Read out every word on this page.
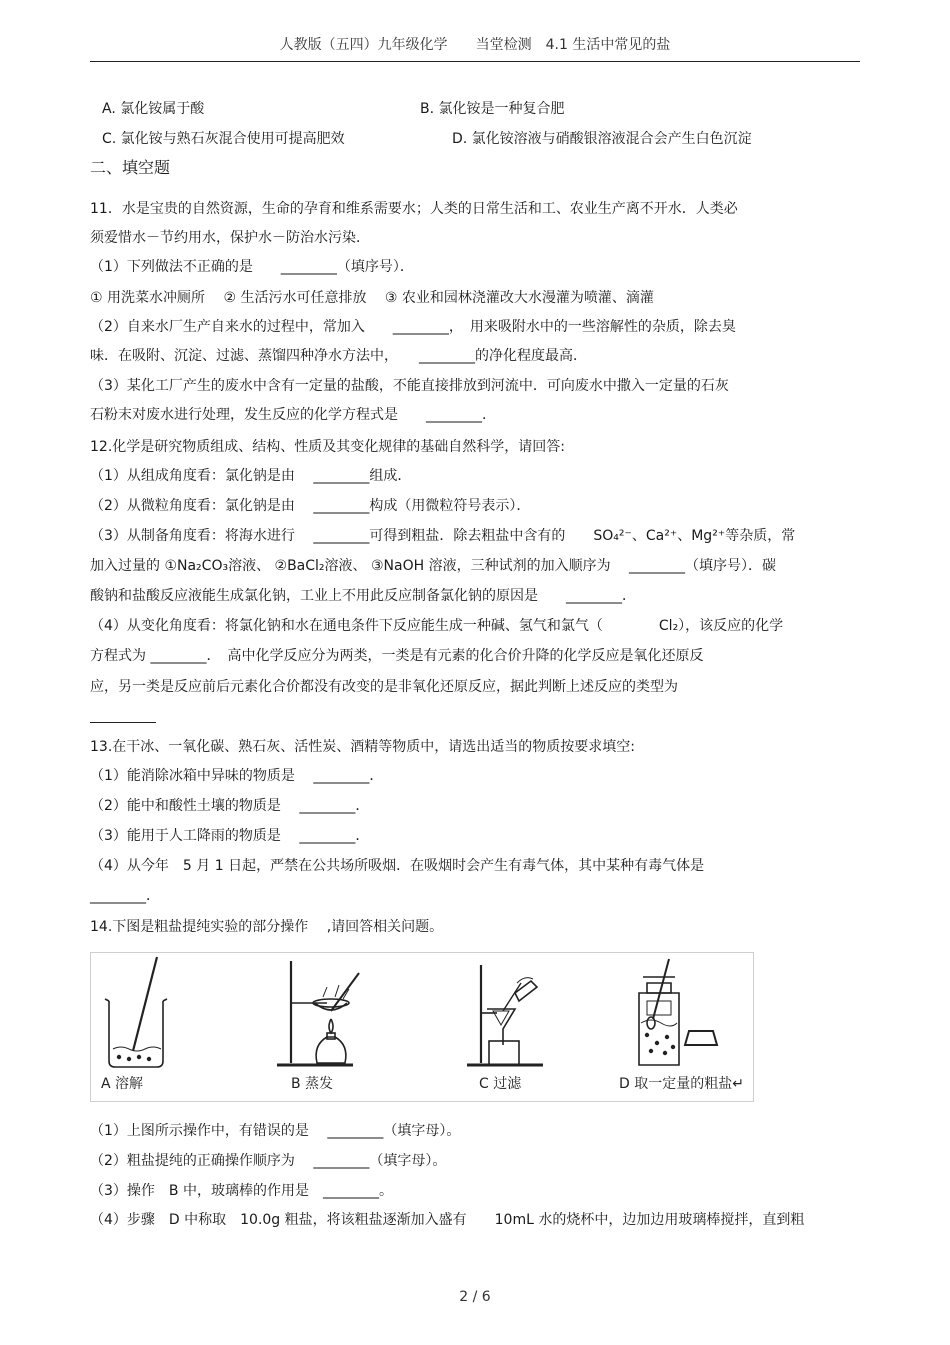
人教版（五四）九年级化学　　当堂检测　4.1 生活中常见的盐
A. 氯化铵属于酸	B. 氯化铵是一种复合肥
C. 氯化铵与熟石灰混合使用可提高肥效	D. 氯化铵溶液与硝酸银溶液混合会产生白色沉淀
二、填空题
11．水是宝贵的自然资源，生命的孕育和维系需要水；人类的日常生活和工、农业生产离不开水．人类必
须爱惜水－节约用水，保护水－防治水污染．
（1）下列做法不正确的是　　________（填序号）．
① 用洗菜水冲厕所　 ② 生活污水可任意排放　 ③ 农业和园林浇灌改大水漫灌为喷灌、滴灌
（2）自来水厂生产自来水的过程中，常加入　　________，　用来吸附水中的一些溶解性的杂质，除去臭
味．在吸附、沉淀、过滤、蒸馏四种净水方法中，　　________的净化程度最高．
（3）某化工厂产生的废水中含有一定量的盐酸，不能直接排放到河流中．可向废水中撒入一定量的石灰
石粉末对废水进行处理，发生反应的化学方程式是　　________．
12.化学是研究物质组成、结构、性质及其变化规律的基础自然科学，请回答:
（1）从组成角度看：氯化钠是由　 ________组成．
（2）从微粒角度看：氯化钠是由　 ________构成（用微粒符号表示）．
（3）从制备角度看：将海水进行　 ________可得到粗盐．除去粗盐中含有的　　SO₄²⁻、Ca²⁺、Mg²⁺等杂质，常
加入过量的 ①Na₂CO₃溶液、 ②BaCl₂溶液、 ③NaOH 溶液，三种试剂的加入顺序为　 ________（填序号）．碳
酸钠和盐酸反应液能生成氯化钠，工业上不用此反应制备氯化钠的原因是　　________．
（4）从变化角度看：将氯化钠和水在通电条件下反应能生成一种碱、氢气和氯气（　　　　Cl₂），该反应的化学
方程式为 ________．　高中化学反应分为两类，一类是有元素的化合价升降的化学反应是氧化还原反
应，另一类是反应前后元素化合价都没有改变的是非氧化还原反应，据此判断上述反应的类型为
13.在干冰、一氧化碳、熟石灰、活性炭、酒精等物质中，请选出适当的物质按要求填空:
（1）能消除冰箱中异味的物质是　 ________．
（2）能中和酸性土壤的物质是　 ________．
（3）能用于人工降雨的物质是　 ________．
（4）从今年　5 月 1 日起，严禁在公共场所吸烟．在吸烟时会产生有毒气体，其中某种有毒气体是
________．
14.下图是粗盐提纯实验的部分操作　 ,请回答相关问题。
A 溶解	B 蒸发	C 过滤	D 取一定量的粗盐↵
（1）上图所示操作中，有错误的是　 ________（填字母）。
（2）粗盐提纯的正确操作顺序为　 ________（填字母）。
（3）操作　B 中，玻璃棒的作用是　________。
（4）步骤　D 中称取　10.0g 粗盐，将该粗盐逐渐加入盛有　　10mL 水的烧杯中，边加边用玻璃棒搅拌，直到粗
2 / 6
